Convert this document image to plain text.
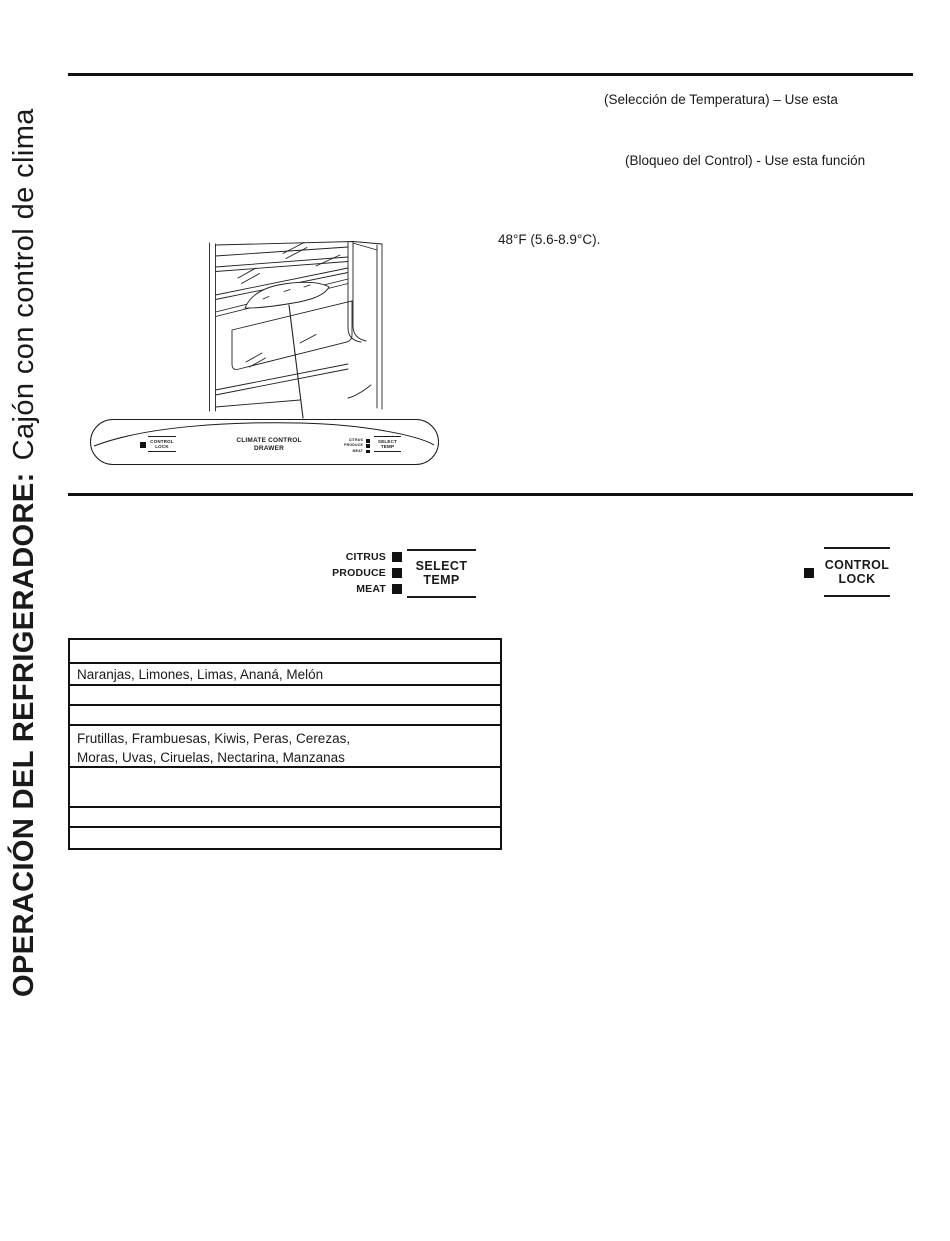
OPERACIÓN DEL REFRIGERADORE:Cajón con control de clima
(Selección de Temperatura) – Use esta
(Bloqueo del Control) - Use esta función
48°F (5.6-8.9°C).
CONTROL
LOCK
CLIMATE CONTROL
DRAWER
CITRUS
PRODUCE
MEAT
SELECT
TEMP
CITRUS
PRODUCE
MEAT
SELECT
TEMP
CONTROL
LOCK
Naranjas, Limones, Limas, Ananá, Melón
Frutillas, Frambuesas, Kiwis, Peras, Cerezas,
Moras, Uvas, Ciruelas, Nectarina, Manzanas
